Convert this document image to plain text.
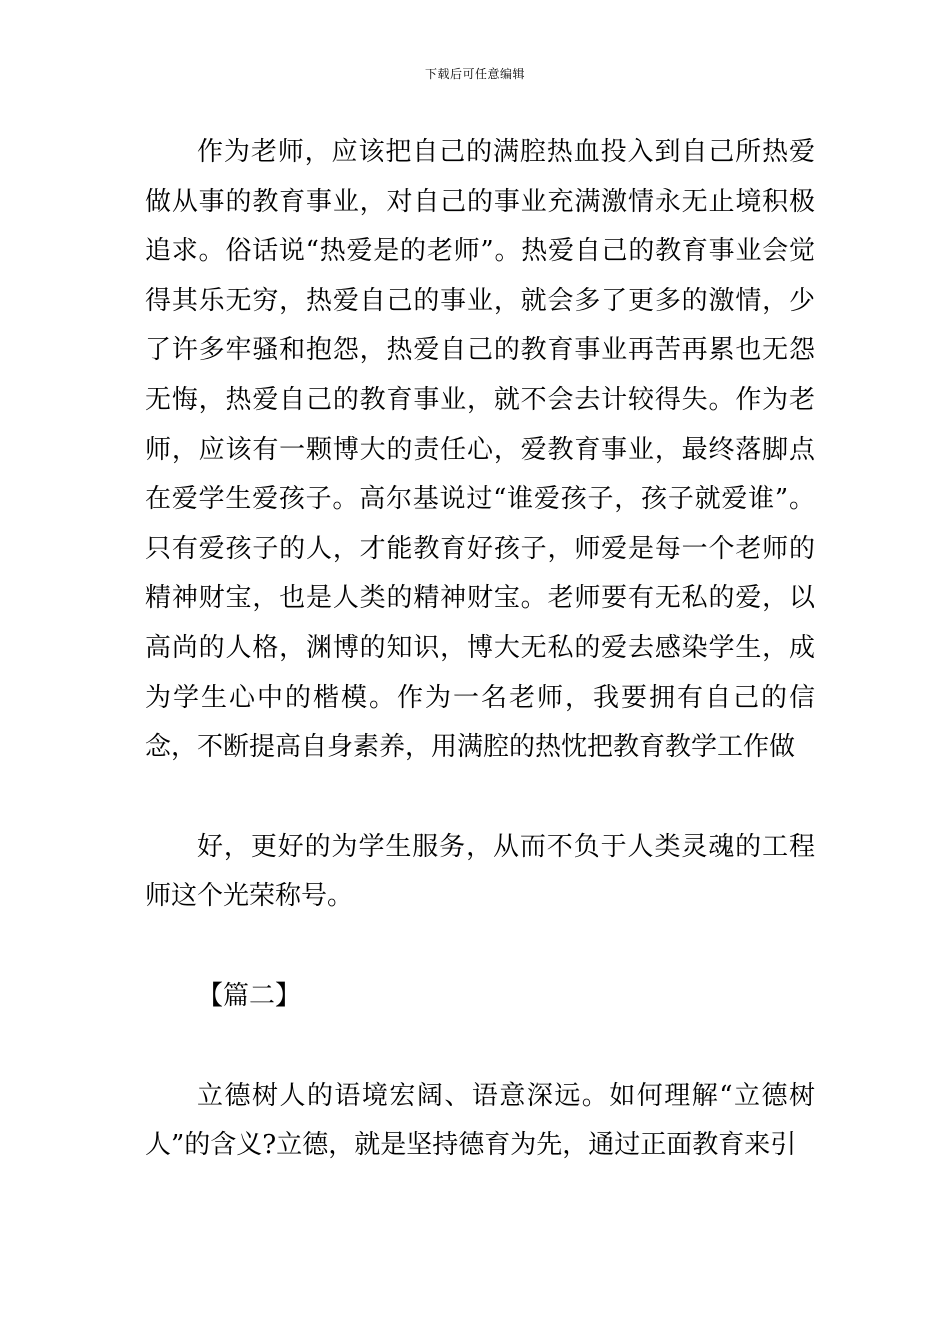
下载后可任意编辑

作为老师，应该把自己的满腔热血投入到自己所热爱做从事的教育事业，对自己的事业充满激情永无止境积极追求。俗话说“热爱是的老师”。热爱自己的教育事业会觉得其乐无穷，热爱自己的事业，就会多了更多的激情，少了许多牢骚和抱怨，热爱自己的教育事业再苦再累也无怨无悔，热爱自己的教育事业，就不会去计较得失。作为老师，应该有一颗博大的责任心，爱教育事业，最终落脚点在爱学生爱孩子。高尔基说过“谁爱孩子，孩子就爱谁”。只有爱孩子的人，才能教育好孩子，师爱是每一个老师的精神财宝，也是人类的精神财宝。老师要有无私的爱，以高尚的人格，渊博的知识，博大无私的爱去感染学生，成为学生心中的楷模。作为一名老师，我要拥有自己的信念，不断提高自身素养，用满腔的热忱把教育教学工作做

好，更好的为学生服务，从而不负于人类灵魂的工程师这个光荣称号。

【篇二】

立德树人的语境宏阔、语意深远。如何理解“立德树人”的含义?立德，就是坚持德育为先，通过正面教育来引
